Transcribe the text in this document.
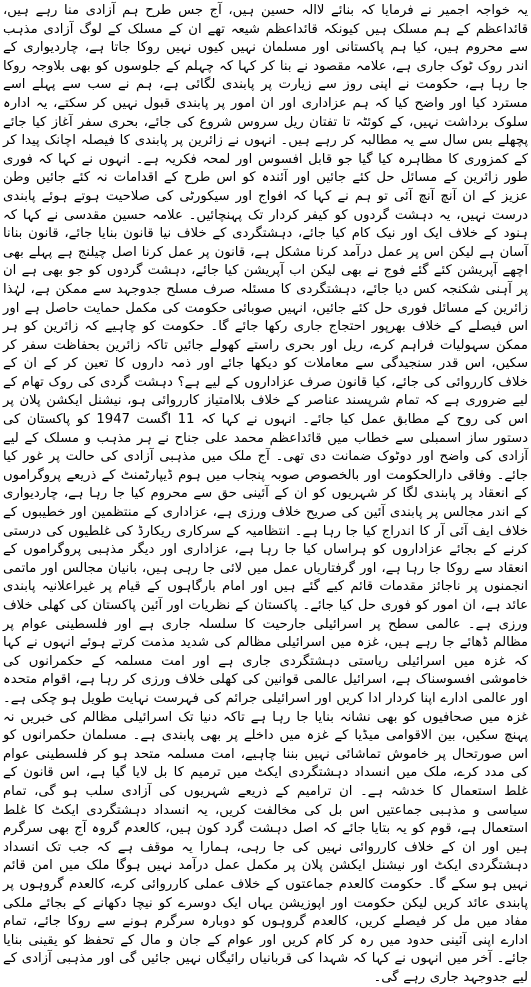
یہ خواجہ اجمیر نے فرمایا کہ بنائے لاالہ حسین ہیں، آج جس طرح ہم آزادی منا رہے ہیں، قائداعظم کے ہم مسلک ہیں کیونکہ قائداعظم شیعہ تھے ان کے مسلک کے لوگ آزادی مذہب سے محروم ہیں، کیا ہم پاکستانی اور مسلمان نہیں کیوں نہیں روکا جاتا ہے، چاردیواری کے اندر روک ٹوک جاری ہے، علامہ مقصود نے بنا کر کہا کہ چہلم کے جلوسوں کو بھی بلاوجہ روکا جا رہا ہے، حکومت نے اپنی روز سے زیارت پر پابندی لگائی ہے، ہم نے سب سے پہلے اسے مسترد کیا اور واضح کیا کہ ہم عزاداری اور ان امور پر پابندی قبول نہیں کر سکتے، یہ ادارہ سلوک برداشت نہیں، کے کوئٹہ تا تفتان ریل سروس شروع کی جائے، بحری سفر آغاز کیا جائے پچھلے بس سال سے یہ مطالبہ کر رہے ہیں۔ انہوں نے زائرین پر پابندی کا فیصلہ اچانک پیدا کر کے کمزوری کا مظاہرہ کیا گیا جو قابل افسوس اور لمحہ فکریہ ہے۔ انہوں نے کہا کہ فوری طور زائرین کے مسائل حل کئے جائیں اور آئندہ کو اس طرح کے اقدامات نہ کئے جائیں وطن عزیز کے ان آنچ آنچ آئی تو ہم نے کہا کہ افواج اور سیکورٹی کی صلاحیت ہوتے ہوئے پابندی درست نہیں، یہ دہشت گردوں کو کیفر کردار تک پہنچائیں۔ علامہ حسین مقدسی نے کہا کہ ہنود کے خلاف ایک اور نیک کام کیا جائے، دہشتگردی کے خلاف نیا قانون بنایا جائے، قانون بنانا آسان ہے لیکن اس پر عمل درآمد کرنا مشکل ہے، قانون پر عمل کرنا اصل چیلنج ہے پہلے بھی اچھے آپریشن کئے گئے فوج نے بھی لیکن اب آپریشن کیا جائے، دہشت گردوں کو جو بھی ہے ان پر آہنی شکنجہ کس دیا جائے، دہشتگردی کا مسئلہ صرف مسلح جدوجہد سے ممکن ہے، لہٰذا زائرین کے مسائل فوری حل کئے جائیں، انہیں صوبائی حکومت کی مکمل حمایت حاصل ہے اور اس فیصلے کے خلاف بھرپور احتجاج جاری رکھا جائے گا۔ حکومت کو چاہیے کہ زائرین کو ہر ممکن سہولیات فراہم کرے، ریل اور بحری راستے کھولے جائیں تاکہ زائرین بحفاظت سفر کر سکیں، اس قدر سنجیدگی سے معاملات کو دیکھا جائے اور ذمہ داروں کا تعین کر کے ان کے خلاف کارروائی کی جائے، کیا قانون صرف عزاداروں کے لیے ہے؟ دہشت گردی کی روک تھام کے لیے ضروری ہے کہ تمام شرپسند عناصر کے خلاف بلاامتیاز کارروائی ہو، نیشنل ایکشن پلان پر اس کی روح کے مطابق عمل کیا جائے۔ انہوں نے کہا کہ 11 اگست 1947 کو پاکستان کی دستور ساز اسمبلی سے خطاب میں قائداعظم محمد علی جناح نے ہر مذہب و مسلک کے لیے آزادی کی واضح اور دوٹوک ضمانت دی تھی۔ آج ملک میں مذہبی آزادی کی حالت پر غور کیا جائے۔ وفاقی دارالحکومت اور بالخصوص صوبہ پنجاب میں ہوم ڈیپارٹمنٹ کے ذریعے پروگراموں کے انعقاد پر پابندی لگا کر شہریوں کو ان کے آئینی حق سے محروم کیا جا رہا ہے، چاردیواری کے اندر مجالس پر پابندی آئین کی صریح خلاف ورزی ہے، عزاداری کے منتظمین اور خطیبوں کے خلاف ایف آئی آر کا اندراج کیا جا رہا ہے۔ انتظامیہ کے سرکاری ریکارڈ کی غلطیوں کی درستی کرنے کے بجائے عزاداروں کو ہراساں کیا جا رہا ہے، عزاداری اور دیگر مذہبی پروگراموں کے انعقاد سے روکا جا رہا ہے، اور گرفتاریاں عمل میں لائی جا رہی ہیں، بانیان مجالس اور ماتمی انجمنوں پر ناجائز مقدمات قائم کیے گئے ہیں اور امام بارگاہوں کے قیام پر غیراعلانیہ پابندی عائد ہے، ان امور کو فوری حل کیا جائے۔ پاکستان کے نظریات اور آئین پاکستان کی کھلی خلاف ورزی ہے۔ عالمی سطح پر اسرائیلی جارحیت کا سلسلہ جاری ہے اور فلسطینی عوام پر مظالم ڈھائے جا رہے ہیں، غزہ میں اسرائیلی مظالم کی شدید مذمت کرتے ہوئے انہوں نے کہا کہ غزہ میں اسرائیلی ریاستی دہشتگردی جاری ہے اور امت مسلمہ کے حکمرانوں کی خاموشی افسوسناک ہے، اسرائیل عالمی قوانین کی کھلی خلاف ورزی کر رہا ہے، اقوام متحدہ اور عالمی ادارے اپنا کردار ادا کریں اور اسرائیلی جرائم کی فہرست نہایت طویل ہو چکی ہے۔ غزہ میں صحافیوں کو بھی نشانہ بنایا جا رہا ہے تاکہ دنیا تک اسرائیلی مظالم کی خبریں نہ پہنچ سکیں، بین الاقوامی میڈیا کے غزہ میں داخلے پر بھی پابندی ہے۔ مسلمان حکمرانوں کو اس صورتحال پر خاموش تماشائی نہیں بننا چاہیے، امت مسلمہ متحد ہو کر فلسطینی عوام کی مدد کرے، ملک میں انسداد دہشتگردی ایکٹ میں ترمیم کا بل لایا گیا ہے، اس قانون کے غلط استعمال کا خدشہ ہے۔ ان ترامیم کے ذریعے شہریوں کی آزادی سلب ہو گی، تمام سیاسی و مذہبی جماعتیں اس بل کی مخالفت کریں، یہ انسداد دہشتگردی ایکٹ کا غلط استعمال ہے، قوم کو یہ بتایا جائے کہ اصل دہشت گرد کون ہیں، کالعدم گروہ آج بھی سرگرم ہیں اور ان کے خلاف کارروائی نہیں کی جا رہی، ہمارا یہ موقف ہے کہ جب تک انسداد دہشتگردی ایکٹ اور نیشنل ایکشن پلان پر مکمل عمل درآمد نہیں ہوگا ملک میں امن قائم نہیں ہو سکے گا۔ حکومت کالعدم جماعتوں کے خلاف عملی کارروائی کرے، کالعدم گروہوں پر پابندی عائد کریں لیکن حکومت اور اپوزیشن یہاں ایک دوسرے کو نیچا دکھانے کے بجائے ملکی مفاد میں مل کر فیصلے کریں، کالعدم گروہوں کو دوبارہ سرگرم ہونے سے روکا جائے، تمام ادارے اپنی آئینی حدود میں رہ کر کام کریں اور عوام کے جان و مال کے تحفظ کو یقینی بنایا جائے۔ آخر میں انہوں نے کہا کہ شہدا کی قربانیاں رائیگاں نہیں جائیں گی اور مذہبی آزادی کے لیے جدوجہد جاری رہے گی۔
